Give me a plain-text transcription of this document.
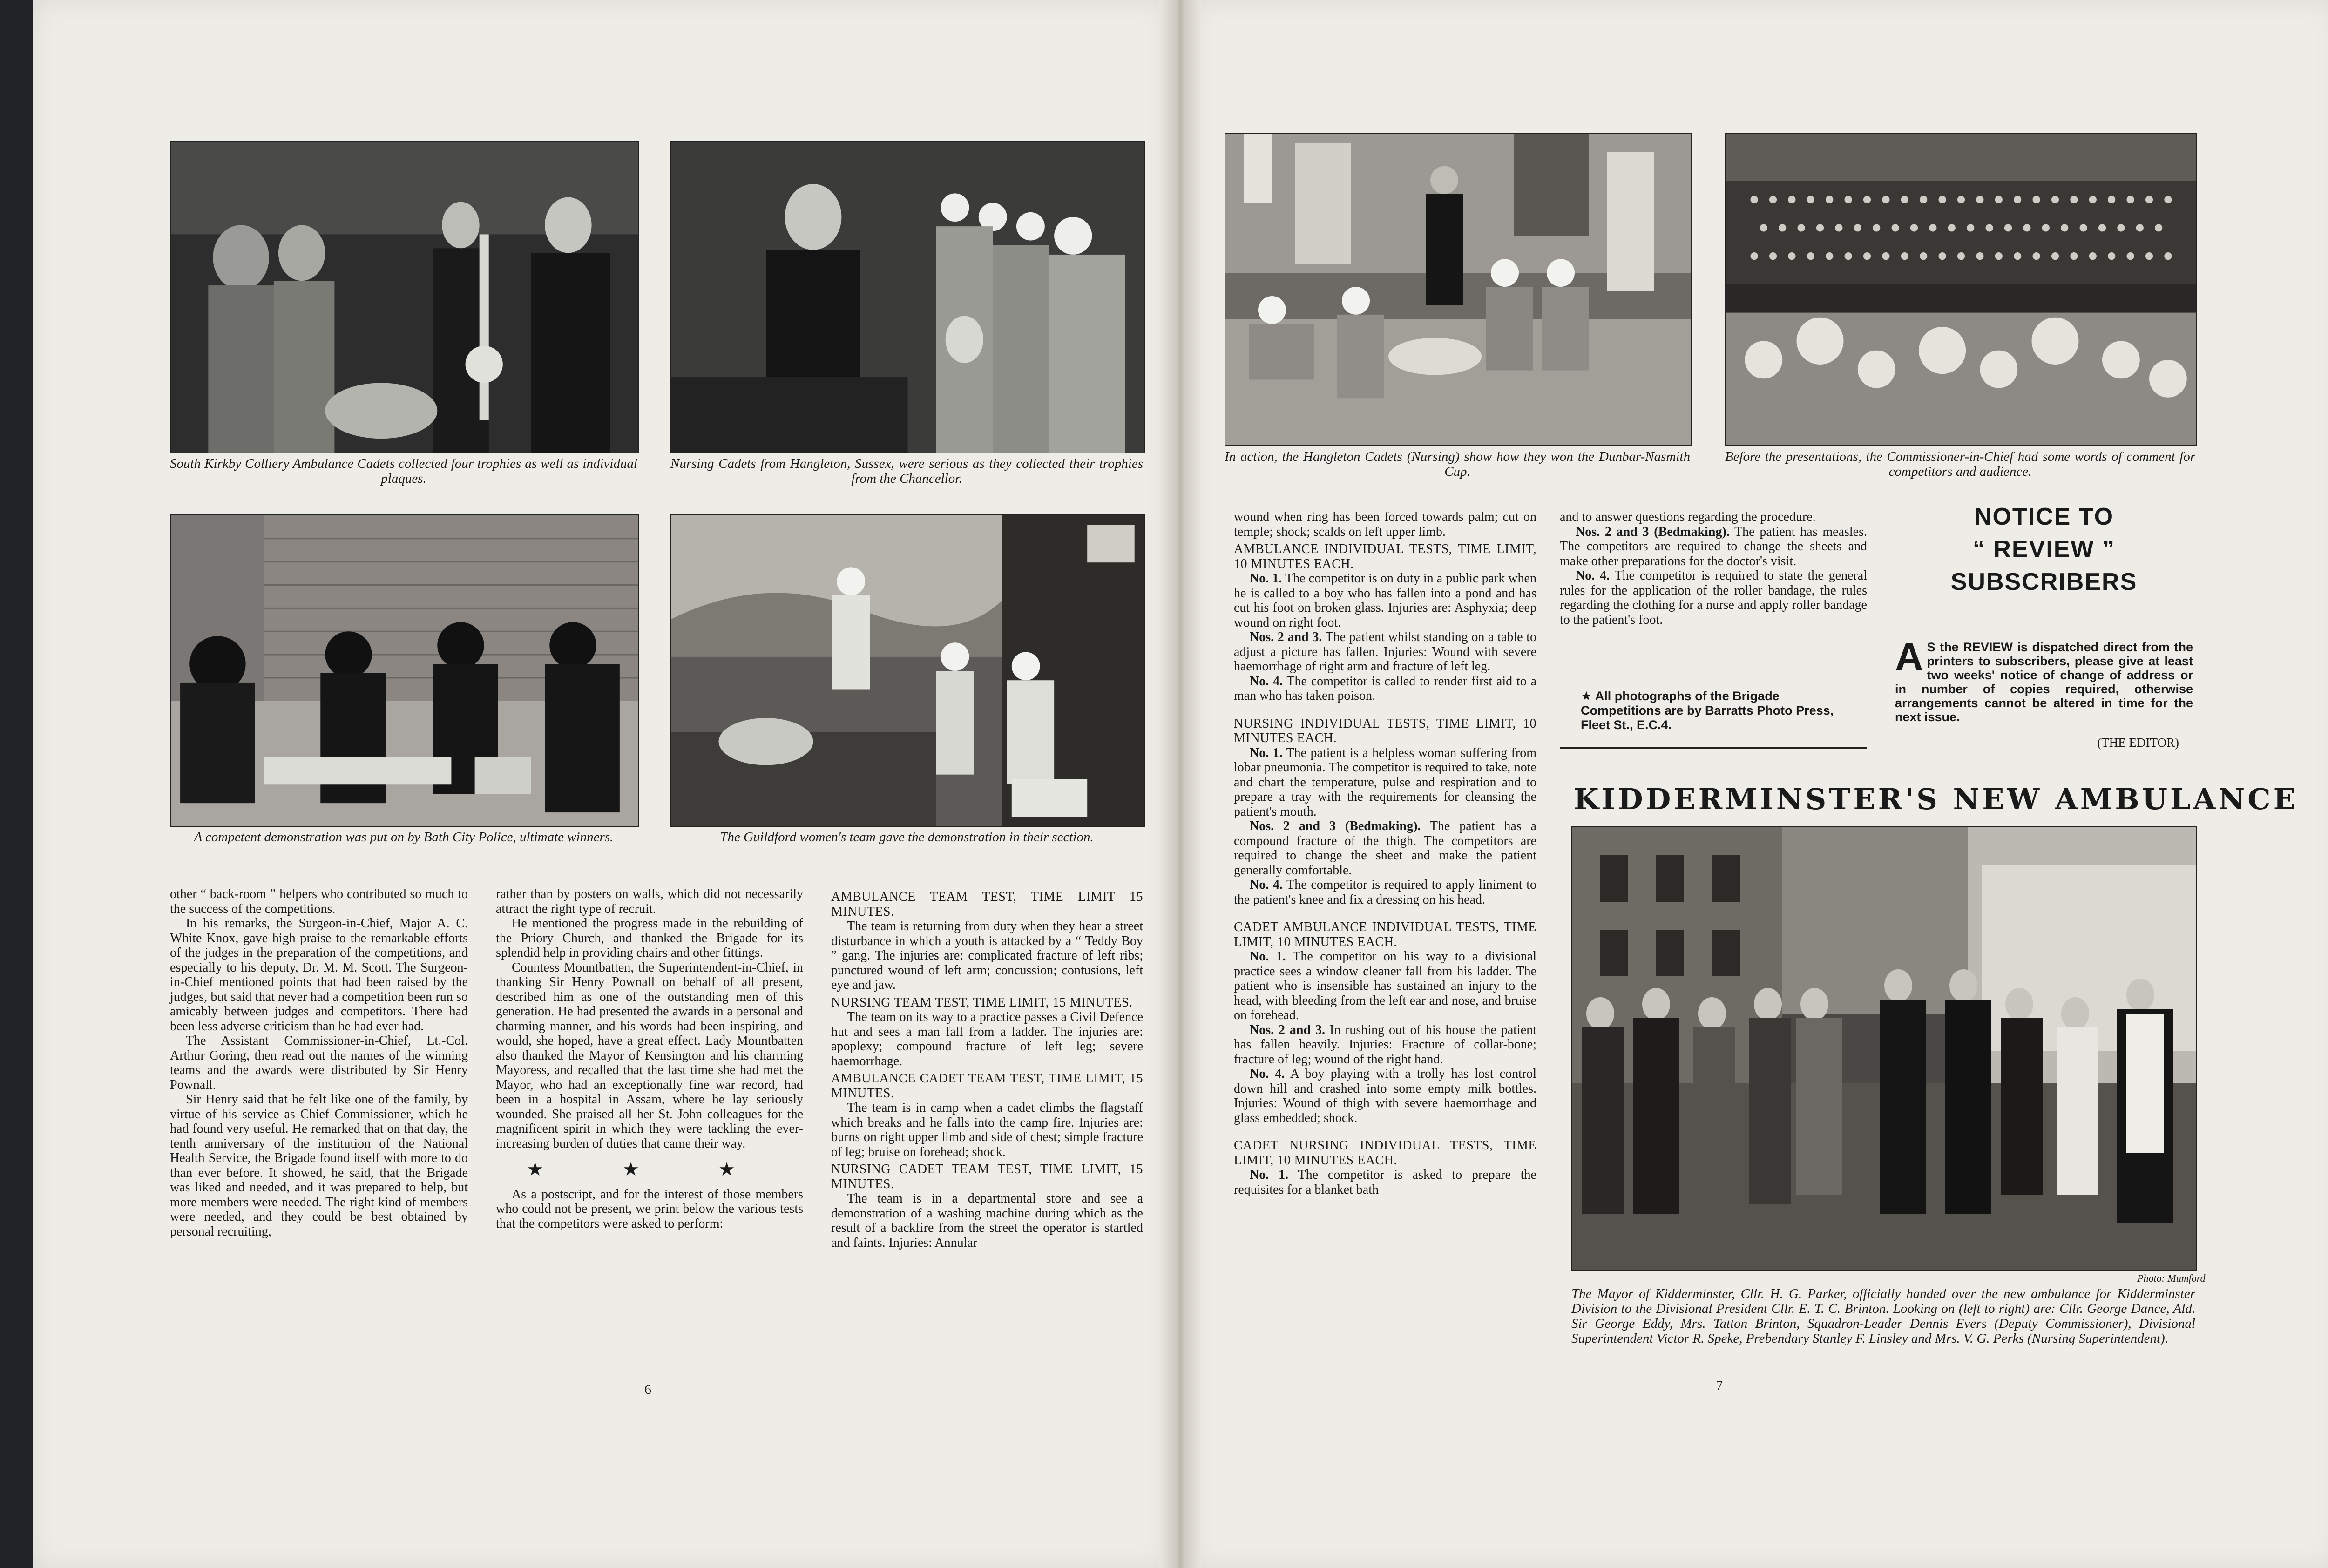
South Kirkby Colliery Ambulance Cadets collected four trophies as well as individual plaques.
Nursing Cadets from Hangleton, Sussex, were serious as they collected their trophies from the Chancellor.
A competent demonstration was put on by Bath City Police, ultimate winners.	The Guildford women's team gave the demonstration in their section.

other “ back-room ” helpers who contributed so much to the success of the competitions.

In his remarks, the Surgeon-in-Chief, Major A. C. White Knox, gave high praise to the remarkable efforts of the judges in the preparation of the competitions, and especially to his deputy, Dr. M. M. Scott. The Surgeon-in-Chief mentioned points that had been raised by the judges, but said that never had a competition been run so amicably between judges and competitors. There had been less adverse criticism than he had ever had.

The Assistant Commissioner-in-Chief, Lt.-Col. Arthur Goring, then read out the names of the winning teams and the awards were distributed by Sir Henry Pownall.

Sir Henry said that he felt like one of the family, by virtue of his service as Chief Commissioner, which he had found very useful. He remarked that on that day, the tenth anniversary of the institution of the National Health Service, the Brigade found itself with more to do than ever before. It showed, he said, that the Brigade was liked and needed, and it was prepared to help, but more members were needed. The right kind of members were needed, and they could be best obtained by personal recruiting,

rather than by posters on walls, which did not necessarily attract the right type of recruit.

He mentioned the progress made in the rebuilding of the Priory Church, and thanked the Brigade for its splendid help in providing chairs and other fittings.

Countess Mountbatten, the Superintendent-in-Chief, in thanking Sir Henry Pownall on behalf of all present, described him as one of the outstanding men of this generation. He had presented the awards in a personal and charming manner, and his words had been inspiring, and would, she hoped, have a great effect. Lady Mountbatten also thanked the Mayor of Kensington and his charming Mayoress, and recalled that the last time she had met the Mayor, who had an exceptionally fine war record, had been in a hospital in Assam, where he lay seriously wounded. She praised all her St. John colleagues for the magnificent spirit in which they were tackling the ever-increasing burden of duties that came their way.

★ ★ ★

As a postscript, and for the interest of those members who could not be present, we print below the various tests that the competitors were asked to perform:

AMBULANCE TEAM TEST, TIME LIMIT 15 MINUTES.

The team is returning from duty when they hear a street disturbance in which a youth is attacked by a “ Teddy Boy ” gang. The injuries are: complicated fracture of left ribs; punctured wound of left arm; concussion; contusions, left eye and jaw.

NURSING TEAM TEST, TIME LIMIT, 15 MINUTES.

The team on its way to a practice passes a Civil Defence hut and sees a man fall from a ladder. The injuries are: apoplexy; compound fracture of left leg; severe haemorrhage.

AMBULANCE CADET TEAM TEST, TIME LIMIT, 15 MINUTES.

The team is in camp when a cadet climbs the flagstaff which breaks and he falls into the camp fire. Injuries are: burns on right upper limb and side of chest; simple fracture of leg; bruise on forehead; shock.

NURSING CADET TEAM TEST, TIME LIMIT, 15 MINUTES.

The team is in a departmental store and see a demonstration of a washing machine during which as the result of a backfire from the street the operator is startled and faints. Injuries: Annular

6
In action, the Hangleton Cadets (Nursing) show how they won the Dunbar-Nasmith Cup.
Before the presentations, the Commissioner-in-Chief had some words of comment for competitors and audience.

wound when ring has been forced towards palm; cut on temple; shock; scalds on left upper limb.

AMBULANCE INDIVIDUAL TESTS, TIME LIMIT, 10 MINUTES EACH.

No. 1. The competitor is on duty in a public park when he is called to a boy who has fallen into a pond and has cut his foot on broken glass. Injuries are: Asphyxia; deep wound on right foot.

Nos. 2 and 3. The patient whilst standing on a table to adjust a picture has fallen. Injuries: Wound with severe haemorrhage of right arm and fracture of left leg.

No. 4. The competitor is called to render first aid to a man who has taken poison.

NURSING INDIVIDUAL TESTS, TIME LIMIT, 10 MINUTES EACH.

No. 1. The patient is a helpless woman suffering from lobar pneumonia. The competitor is required to take, note and chart the temperature, pulse and respiration and to prepare a tray with the requirements for cleansing the patient's mouth.

Nos. 2 and 3 (Bedmaking). The patient has a compound fracture of the thigh. The competitors are required to change the sheet and make the patient generally comfortable.

No. 4. The competitor is required to apply liniment to the patient's knee and fix a dressing on his head.

CADET AMBULANCE INDIVIDUAL TESTS, TIME LIMIT, 10 MINUTES EACH.

No. 1. The competitor on his way to a divisional practice sees a window cleaner fall from his ladder. The patient who is insensible has sustained an injury to the head, with bleeding from the left ear and nose, and bruise on forehead.

Nos. 2 and 3. In rushing out of his house the patient has fallen heavily. Injuries: Fracture of collar-bone; fracture of leg; wound of the right hand.

No. 4. A boy playing with a trolly has lost control down hill and crashed into some empty milk bottles. Injuries: Wound of thigh with severe haemorrhage and glass embedded; shock.

CADET NURSING INDIVIDUAL TESTS, TIME LIMIT, 10 MINUTES EACH.

No. 1. The competitor is asked to prepare the requisites for a blanket bath

and to answer questions regarding the procedure.

Nos. 2 and 3 (Bedmaking). The patient has measles. The competitors are required to change the sheets and make other preparations for the doctor's visit.

No. 4. The competitor is required to state the general rules for the application of the roller bandage, the rules regarding the clothing for a nurse and apply roller bandage to the patient's foot.

★ All photographs of the Brigade Competitions are by Barratts Photo Press, Fleet St., E.C.4.
NOTICE TO
“ REVIEW ”
SUBSCRIBERS
A S the REVIEW is dispatched direct from the printers to subscribers, please give at least two weeks' notice of change of address or in number of copies required, otherwise arrangements cannot be altered in time for the next issue.
(THE EDITOR)
KIDDERMINSTER'S NEW AMBULANCE
Photo: Mumford
The Mayor of Kidderminster, Cllr. H. G. Parker, officially handed over the new ambulance for Kidderminster Division to the Divisional President Cllr. E. T. C. Brinton. Looking on (left to right) are: Cllr. George Dance, Ald. Sir George Eddy, Mrs. Tatton Brinton, Squadron-Leader Dennis Evers (Deputy Commissioner), Divisional Superintendent Victor R. Speke, Prebendary Stanley F. Linsley and Mrs. V. G. Perks (Nursing Superintendent).
7
